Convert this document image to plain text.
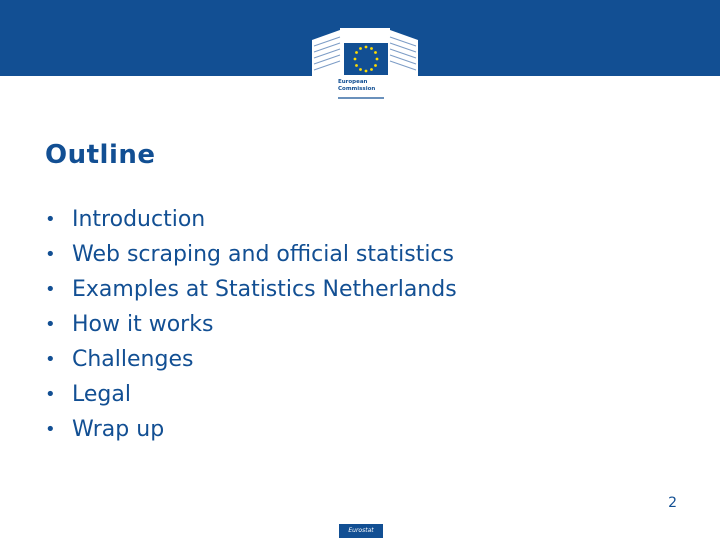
European
Commission
Outline
• Introduction
• Web scraping and official statistics
• Examples at Statistics Netherlands
• How it works
• Challenges
• Legal
• Wrap up
2
Eurostat
